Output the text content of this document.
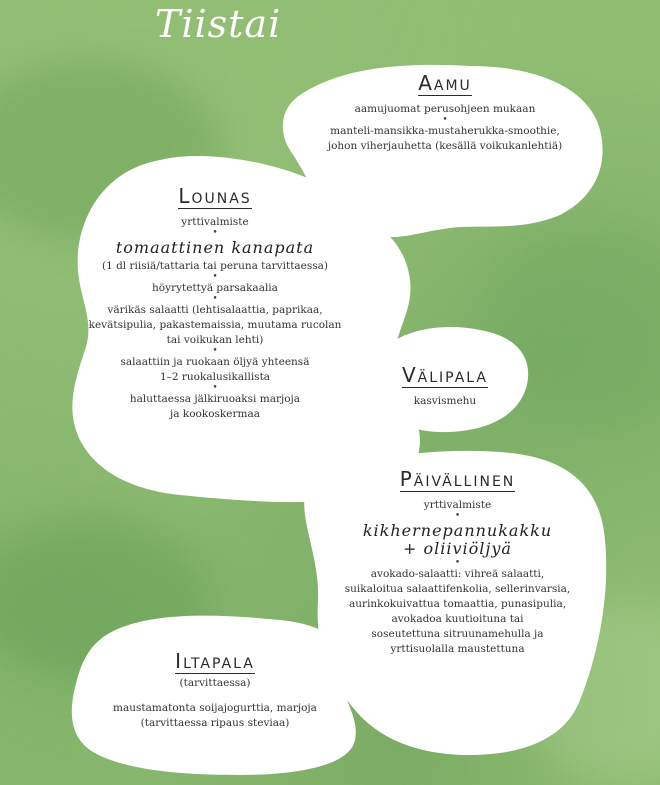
Tiistai
Aamu
aamujuomat perusohjeen mukaan
•
manteli-mansikka-mustaherukka-smoothie,
johon viherjauhetta (kesällä voikukanlehtiä)
Lounas
yrttivalmiste
•
tomaattinen kanapata
(1 dl riisiä/tattaria tai peruna tarvittaessa)
•
höyrytettyä parsakaalia
•
värikäs salaatti (lehtisalaattia, paprikaa,
kevätsipulia, pakastemaissia, muutama rucolan
tai voikukan lehti)
•
salaattiin ja ruokaan öljyä yhteensä
1–2 ruokalusikallista
•
haluttaessa jälkiruoaksi marjoja
ja kookoskermaa
Välipala
kasvismehu
Päivällinen
yrttivalmiste
•
kikhernepannukakku
+ oliiviöljyä
•
avokado-salaatti: vihreä salaatti,
suikaloitua salaattifenkolia, sellerinvarsia,
aurinkokuivattua tomaattia, punasipulia,
avokadoa kuutioituna tai
soseutettuna sitruunamehulla ja
yrttisuolalla maustettuna
Iltapala
(tarvittaessa)
maustamatonta soijajogurttia, marjoja
(tarvittaessa ripaus steviaa)
